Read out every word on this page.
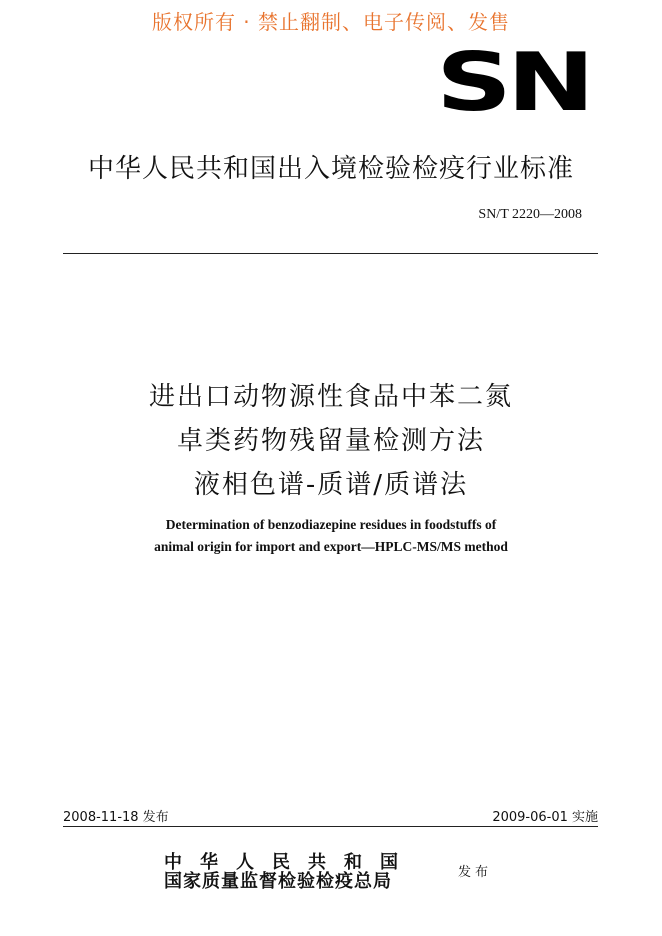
版权所有 · 禁止翻制、电子传阅、发售
SN
中华人民共和国出入境检验检疫行业标准
SN/T 2220—2008
进出口动物源性食品中苯二氮
卓类药物残留量检测方法
液相色谱-质谱/质谱法
Determination of benzodiazepine residues in foodstuffs of
animal origin for import and export—HPLC-MS/MS method
2008-11-18 发布	2009-06-01 实施
中华人民共和国
国家质量监督检验检疫总局	发布
